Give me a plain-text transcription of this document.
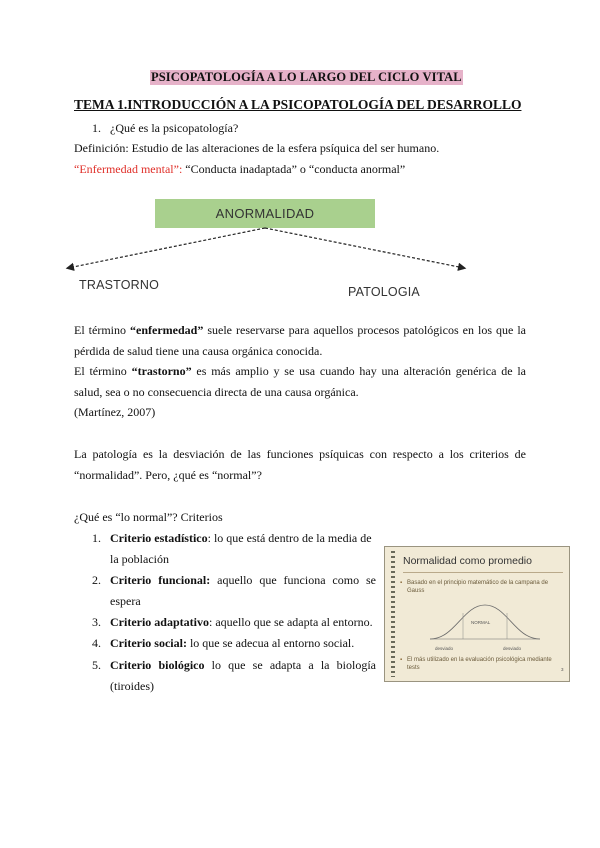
PSICOPATOLOGÍA A LO LARGO DEL CICLO VITAL
TEMA 1.INTRODUCCIÓN A LA PSICOPATOLOGÍA DEL DESARROLLO
1. ¿Qué es la psicopatología?
Definición: Estudio de las alteraciones de la esfera psíquica del ser humano.
“Enfermedad mental”: “Conducta inadaptada” o “conducta anormal”
ANORMALIDAD
TRASTORNO	PATOLOGIA
El término “enfermedad” suele reservarse para aquellos procesos patológicos en los que la
pérdida de salud tiene una causa orgánica conocida.
El término “trastorno” es más amplio y se usa cuando hay una alteración genérica de la
salud, sea o no consecuencia directa de una causa orgánica.
(Martínez, 2007)
La patología es la desviación de las funciones psíquicas con respecto a los criterios de
“normalidad”. Pero, ¿qué es “normal”?
¿Qué es “lo normal”? Criterios
1. Criterio estadístico: lo que está dentro de la media de
la población
2. Criterio funcional: aquello que funciona como se
espera
3. Criterio adaptativo: aquello que se adapta al entorno.
4. Criterio social: lo que se adecua al entorno social.
5. Criterio biológico lo que se adapta a la biología
(tiroides)
Normalidad como promedio
▪ Basado en el principio matemático de la campana de Gauss
NORMAL
desviado	desviado
▪ El más utilizado en la evaluación psicológica mediante tests	3
